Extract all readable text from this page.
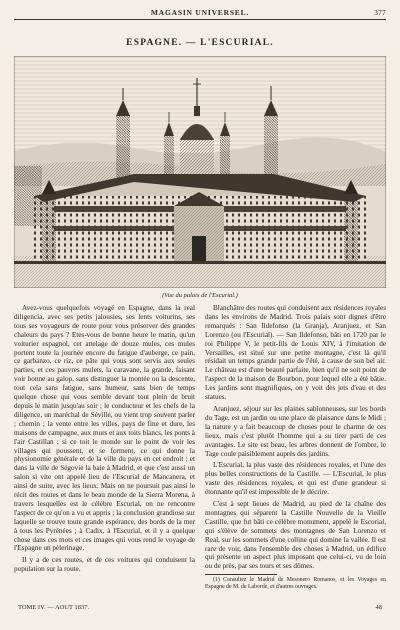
MAGASIN UNIVERSEL.	377
ESPAGNE. — L'ESCURIAL.
(Vue du palais de l'Escurial.)

Avez-vous quelquefois voyagé en Espagne, dans la real diligencia, avec ses petits jalousies, ses lents voiturins, ses tous ses voyageurs de route pour vous préserver des grandes chaleurs du pays ? Etes-vous de bonne heure le matin, qu'un voiturier espagnol, cet attelage de douze mules, ces mules portent toute la journée encore du fatigue d'auberge, ce pain, ce garbanzo, ce riz, ce pâte qui vous sont servis aux seules parties, et ces pauvres mulets, la caravane, la grande, faisant voir bonne au galop, sans distinguer la montée ou la descente, tout cela sans fatigue, sans humeur, sans bien de temps quelque chose qui vous semble devant tout plein de bruit depuis le matin jusqu'au soir ; le conducteur et les chefs de la diligence, un maréchal de Séville, ou vient trop souvent parler ; chemin ; la vente entre les villes, pays de fine et dure, les maisons de campagne, aux murs et aux toits blancs, les ponts à l'air Castillan ; si ce toit le monde sur le point de voir les villages qui poussent, et se forment, ce qui donne la physionomie générale et de la ville du pays en cet endroit ; et dans la ville de Ségovie la baie à Madrid, et que c'est aussi un salon si vite ont appelé lieu de l'Escurial de Mancanera, et ainsi de suite, avec les lieux. Mais on ne poursuit pas ainsi le récit des routes et dans le beau monde de la Sierra Morena, à travers lesquelles est le célèbre Escurial, on ne rencontre l'aspect de ce qu'on a vu et appris ; la conclusion grandiose sur laquelle se trouve toute grande espérance, des bords de la mer à tous les Pyrénées ; à Cadix, à l'Escurial, et il y a quelque chose dans ces mots et ces images qui vous rend le voyage de l'Espagne un pèlerinage.

Il y a de ces routes, et de ces voitures qui conduisent la population sur la route.

Blanchâtre des routes qui conduisent aux résidences royales dans les environs de Madrid. Trois palais sont dignes d'être remarqués : San Ildefonso (la Granja), Aranjuez, et San Lorenzo (ou l'Escurial). — San Ildefonso, bâti en 1720 par le roi Philippe V, le petit-fils de Louis XIV, à l'imitation de Versailles, est situé sur une petite montagne, c'est là qu'il résidait un temps grande partie de l'été, à cause de son bel air. Le château est d'une beauté parfaite, bien qu'il ne soit point de l'aspect de la maison de Bourbon, pour lequel elle a été bâtie. Les jardins sont magnifiques, on y voit des jets d'eau et des statues.

Aranjuez, séjour sur les plaines sablonneuses, sur les bords du Tage, est un jardin ou une place de plaisance dans le Midi ; la nature y a fait beaucoup de choses pour le charme de ces lieux, mais c'est plutôt l'homme qui a su tirer parti de ces avantages. Le site est beau, les arbres donnent de l'ombre, le Tage coule paisiblement auprès des jardins.

L'Escurial, la plus vaste des résidences royales, et l'une des plus belles constructions de la Castille. — L'Escurial, le plus vaste des résidences royales, et qui est d'une grandeur si étonnante qu'il est impossible de le décrire.

C'est à sept lieues de Madrid, au pied de la chaîne des montagnes qui séparent la Castille Nouvelle de la Vieille Castille, que fut bâti ce célèbre monument, appelé le Escorial, qui s'élève de sommets des montagnes de San Lorenzo et Real, sur les sommets d'une colline qui domine la vallée. Il est rare de voir, dans l'ensemble des choses à Madrid, un édifice qui présente un aspect plus imposant que celui-ci, vu de loin ou de près, par ses tours et ses dômes.

(1) Consultez le Madrid de Mesonero Romanos, et les Voyages en Espagne de M. de Laborde, et d'autres ouvrages.

TOME IV. — AOUT 1837.	48
